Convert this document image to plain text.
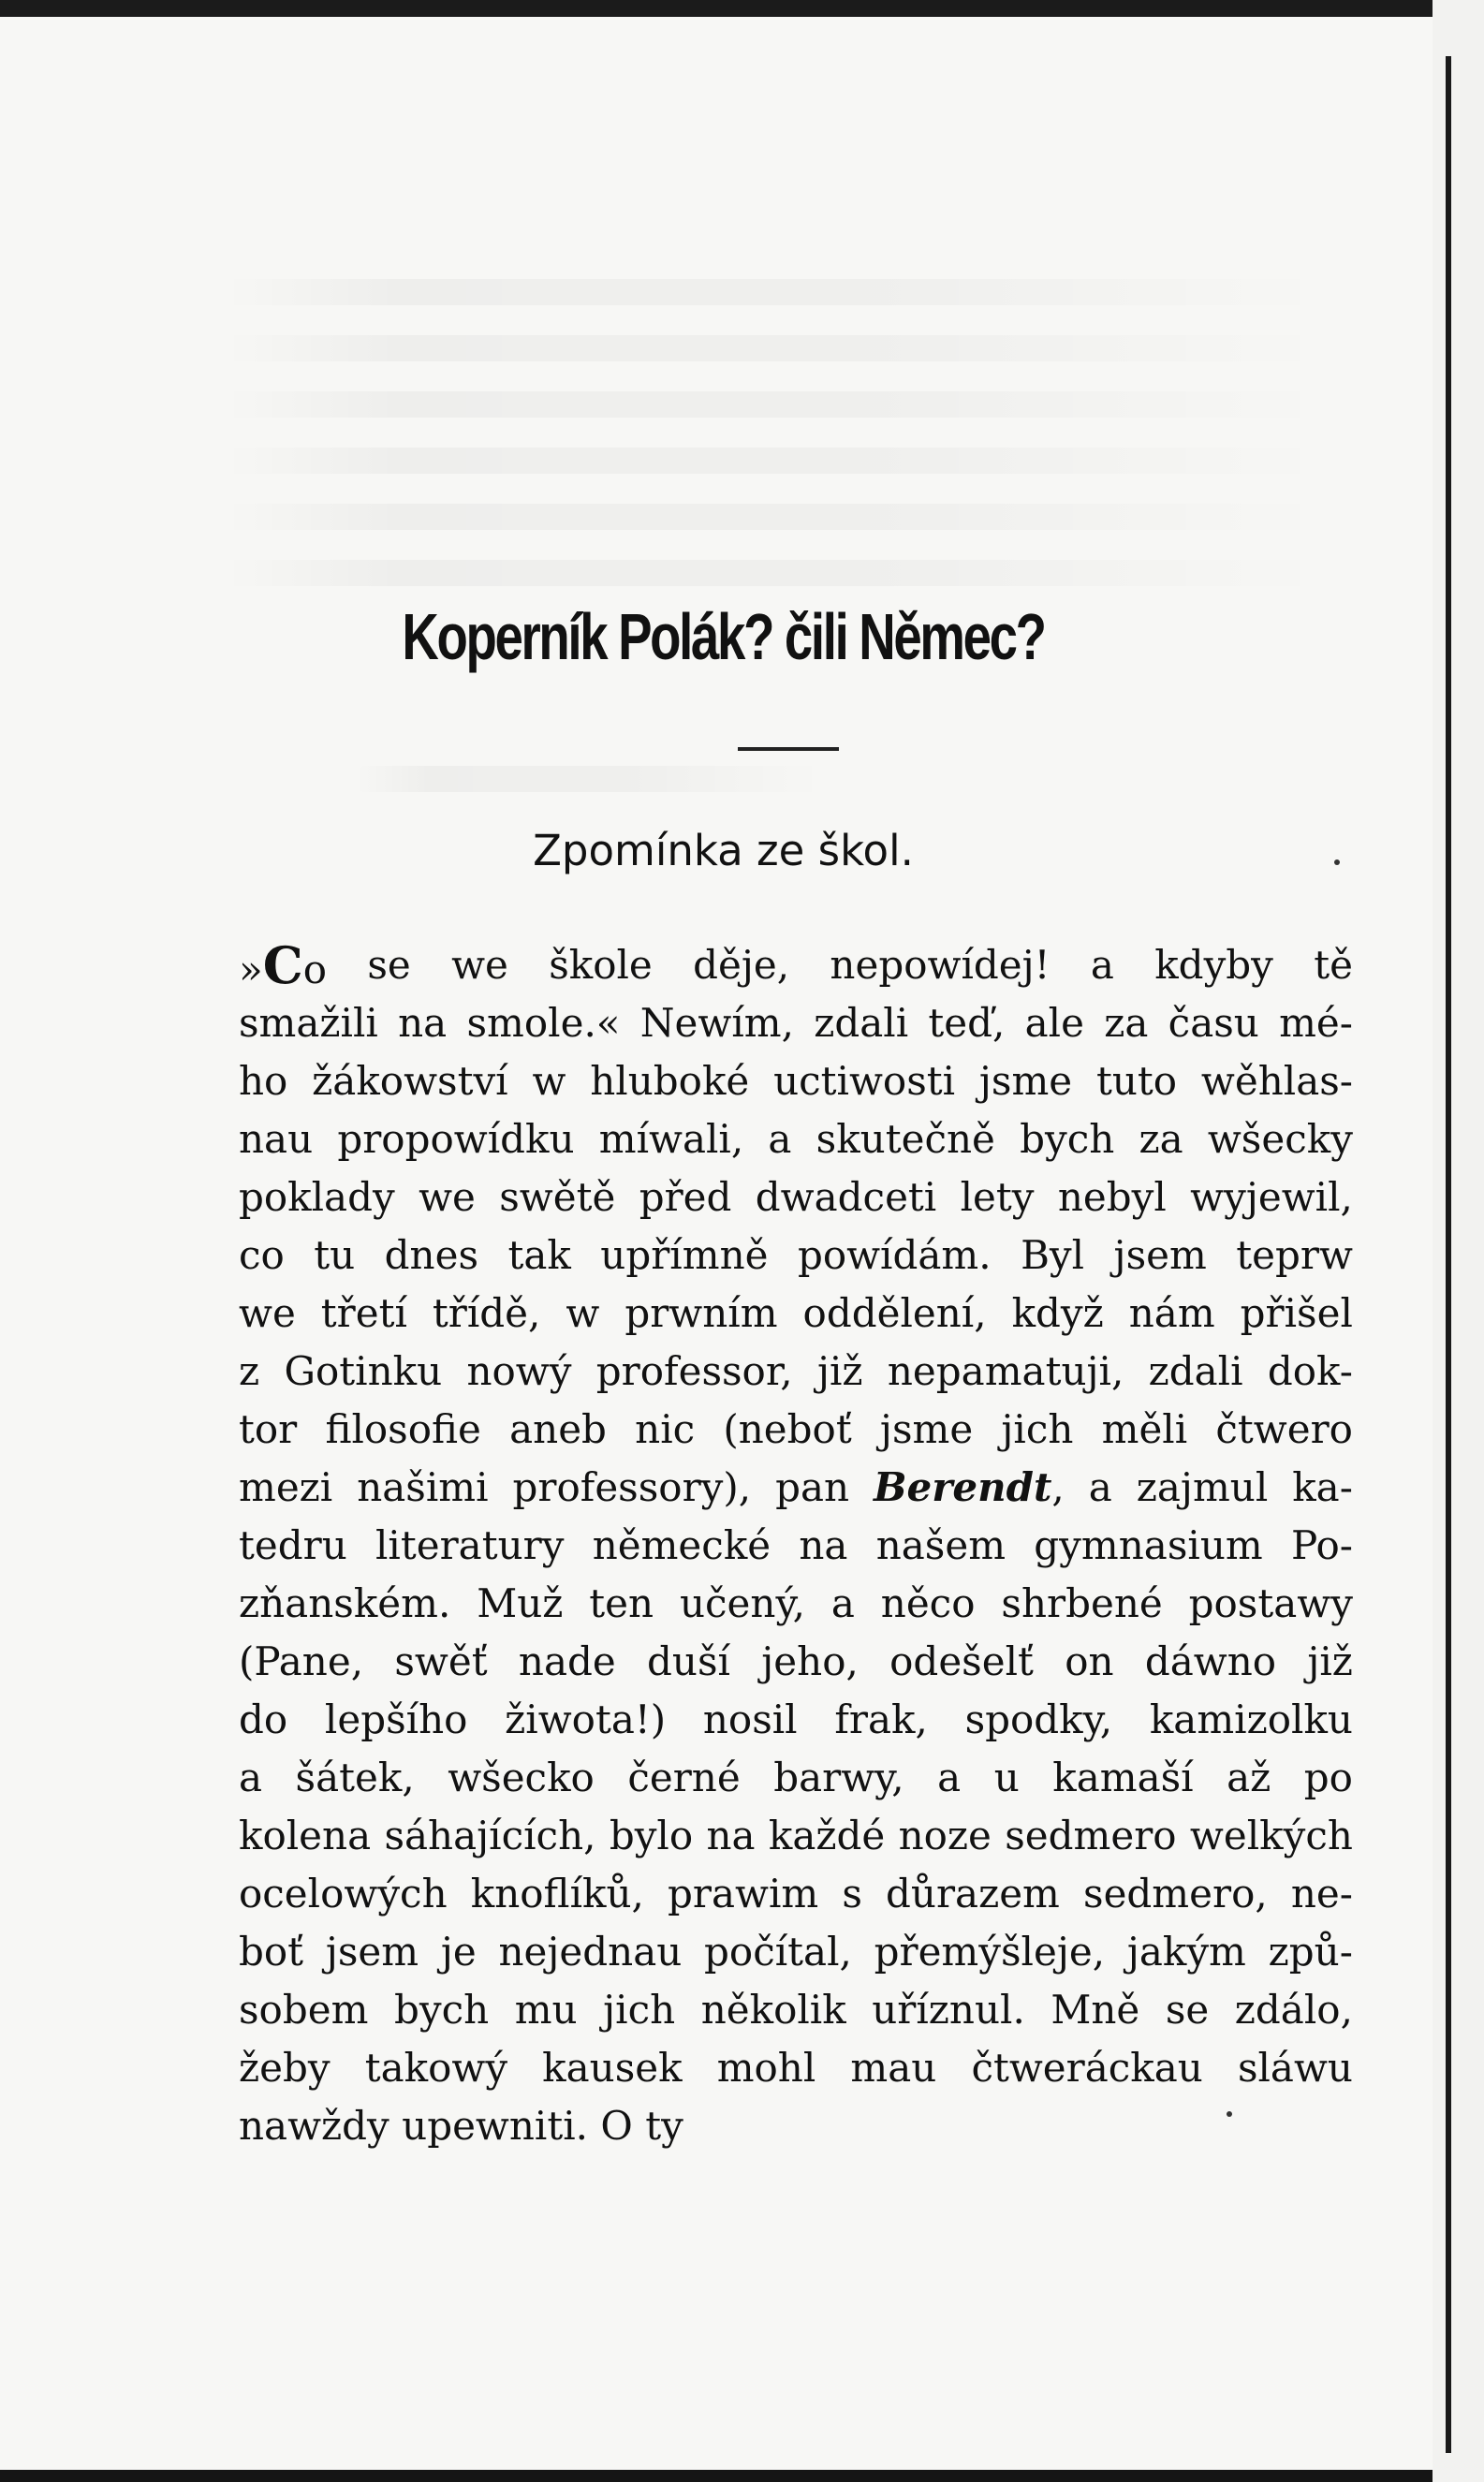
Koperník Polák? čili Němec?
Zpomínka ze škol.
»Co se we škole děje, nepowídej! a kdyby tě
smažili na smole.« Newím, zdali teď, ale za času mé-
ho žákowství w hluboké uctiwosti jsme tuto wěhlas-
nau propowídku míwali, a skutečně bych za wšecky
poklady we swětě před dwadceti lety nebyl wyjewil,
co tu dnes tak upřímně powídám. Byl jsem teprw
we třetí třídě, w prwním oddělení, když nám přišel
z Gotinku nowý professor, již nepamatuji, zdali dok-
tor filosofie aneb nic (neboť jsme jich měli čtwero
mezi našimi professory), pan Berendt, a zajmul ka-
tedru literatury německé na našem gymnasium Po-
zňanském. Muž ten učený, a něco shrbené postawy
(Pane, swěť nade duší jeho, odešelť on dáwno již
do lepšího žiwota!) nosil frak, spodky, kamizolku
a šátek, wšecko černé barwy, a u kamaší až po
kolena sáhajících, bylo na každé noze sedmero welkých
ocelowých knoflíků, prawim s důrazem sedmero, ne-
boť jsem je nejednau počítal, přemýšleje, jakým způ-
sobem bych mu jich několik uříznul. Mně se zdálo,
žeby takowý kausek mohl mau čtweráckau sláwu
nawždy upewniti. O ty
